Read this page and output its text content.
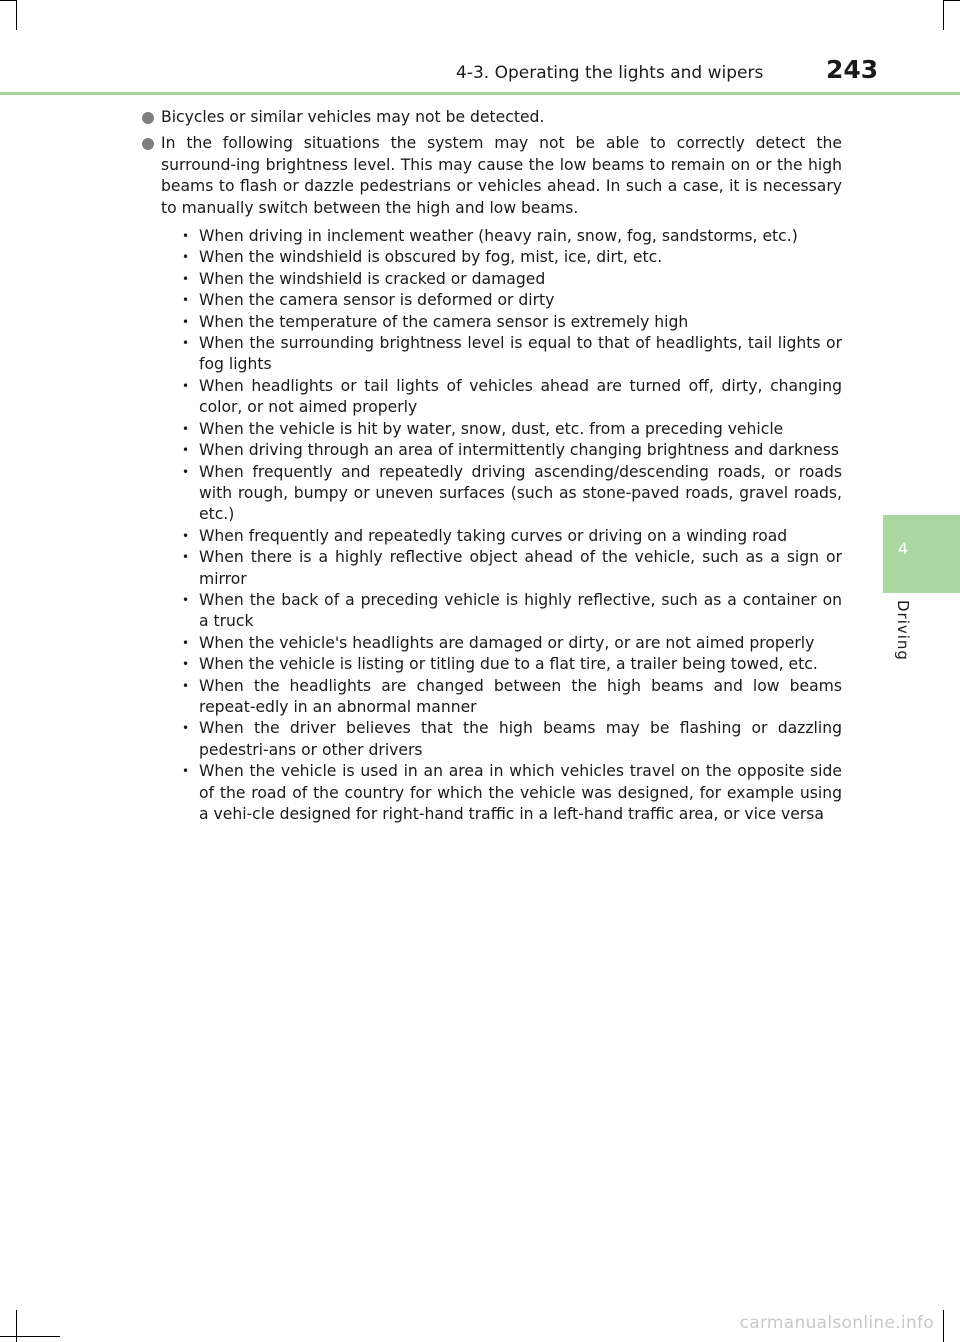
4-3. Operating the lights and wipers	243
4
Driving
Bicycles or similar vehicles may not be detected.
In the following situations the system may not be able to correctly detect the surround-ing brightness level. This may cause the low beams to remain on or the high beams to flash or dazzle pedestrians or vehicles ahead. In such a case, it is necessary to manually switch between the high and low beams.
• When driving in inclement weather (heavy rain, snow, fog, sandstorms, etc.)
• When the windshield is obscured by fog, mist, ice, dirt, etc.
• When the windshield is cracked or damaged
• When the camera sensor is deformed or dirty
• When the temperature of the camera sensor is extremely high
• When the surrounding brightness level is equal to that of headlights, tail lights or fog lights
• When headlights or tail lights of vehicles ahead are turned off, dirty, changing color, or not aimed properly
• When the vehicle is hit by water, snow, dust, etc. from a preceding vehicle
• When driving through an area of intermittently changing brightness and darkness
• When frequently and repeatedly driving ascending/descending roads, or roads with rough, bumpy or uneven surfaces (such as stone-paved roads, gravel roads, etc.)
• When frequently and repeatedly taking curves or driving on a winding road
• When there is a highly reflective object ahead of the vehicle, such as a sign or mirror
• When the back of a preceding vehicle is highly reflective, such as a container on a truck
• When the vehicle's headlights are damaged or dirty, or are not aimed properly
• When the vehicle is listing or titling due to a flat tire, a trailer being towed, etc.
• When the headlights are changed between the high beams and low beams repeat-edly in an abnormal manner
• When the driver believes that the high beams may be flashing or dazzling pedestri-ans or other drivers
• When the vehicle is used in an area in which vehicles travel on the opposite side of the road of the country for which the vehicle was designed, for example using a vehi-cle designed for right-hand traffic in a left-hand traffic area, or vice versa
carmanualsonline.info
